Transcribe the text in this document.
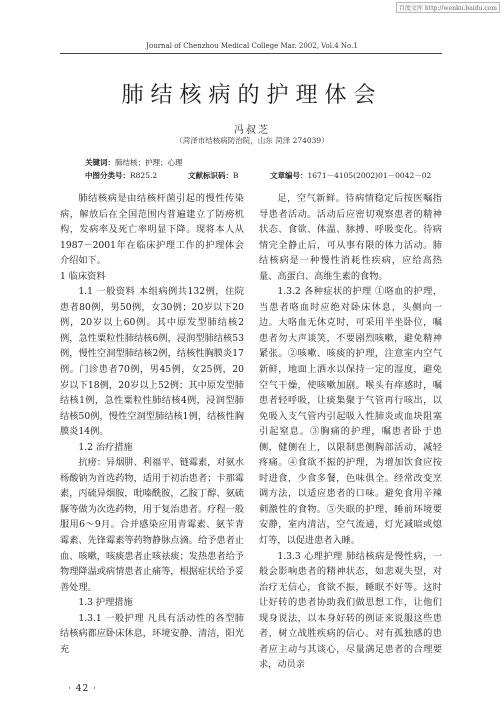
百度文库 http://wenku.baidu.com
Journal of Chenzhou Medical College Mar. 2002, Vol.4 No.1
肺结核病的护理体会
冯叔芝
（菏泽市结核病防治院，山东 菏泽 274039）
关键词：肺结核；护理；心理
中图分类号：R825.2	文献标识码：B	文章编号：1671－4105(2002)01－0042－02

肺结核病是由结核杆菌引起的慢性传染病，解放后在全国范围内普遍建立了防痨机构，发病率及死亡率明显下降。现将本人从1987－2001年在临床护理工作的护理体会介绍如下。

1 临床资料

1.1 一般资料 本组病例共132例，住院患者80例，男50例，女30例；20岁以下20例，20岁以上60例。其中原发型肺结核2例，急性粟粒性肺结核6例，浸润型肺结核53例，慢性空洞型肺结核2例，结核性胸膜炎17例。门诊患者70例，男45例，女25例，20岁以下18例，20岁以上52例；其中原发型肺结核1例，急性粟粒性肺结核4例，浸润型肺结核50例，慢性空洞型肺结核1例，结核性胸膜炎14例。

1.2 治疗措施

抗痨：异烟肼、利福平、链霉素，对氨水杨酸钠为首选药物，适用于初治患者；卡那霉素，丙硫异烟胺，吡嗪酰胺，乙胺丁醇、氨硫脲等做为次选药物，用于复治患者。疗程一般服用6～9月。合并感染应用青霉素、氨苄青霉素、先锋霉素等药物静脉点滴。给予患者止血、咳嗽，咳痰患者止咳祛痰；发热患者给予物理降温或病情患者止痛等，根据症状给予妥善处理。

1.3 护理措施

1.3.1 一般护理 凡具有活动性的各型肺结核病都应卧床休息，环境安静、清洁，阳光充

足，空气新鲜。待病情稳定后按医嘱指导患者活动。活动后应密切观察患者的精神状态、食欲、体温、脉搏、呼吸变化。待病情完全静止后，可从事有限的体力活动。肺结核病是一种慢性消耗性疾病，应给高热量、高蛋白、高维生素的食物。

1.3.2 各种症状的护理 ①咯血的护理，当患者咯血时应绝对卧床休息，头侧向一边。大咯血无休克时，可采用半坐卧位，嘱患者勿大声谈笑，不要剧烈咳嗽，避免精神紧张。②咳嗽、咳痰的护理，注意室内空气新鲜，地面上洒水以保持一定的湿度，避免空气干燥，使咳嗽加剧。喉头有痒感时，嘱患者轻呼吸，让痰集聚于气管再行咳出，以免吸入支气管内引起吸入性肺炎或血块阻塞引起窒息。③胸痛的护理，嘱患者卧于患侧，健侧在上，以限制患侧胸部活动，减轻疼痛。④食欲不振的护理，为增加饮食应按时进食，少食多餐，色味俱全。经常改变烹调方法，以适应患者的口味。避免食用辛辣刺激性的食物。⑤失眠的护理，睡前环境要安静，室内清洁，空气流通，灯光减暗或熄灯等，以促进患者入睡。

1.3.3 心理护理 肺结核病是慢性病，一般会影响患者的精神状态，如悲观失望，对治疗无信心，食欲不振，睡眠不好等。这时让好转的患者协助我们做思想工作，让他们现身说法，以本身好转的例证来说服这些患者，树立战胜疾病的信心。对有孤独感的患者应主动与其谈心，尽量满足患者的合理要求，动员亲

· 42 ·
